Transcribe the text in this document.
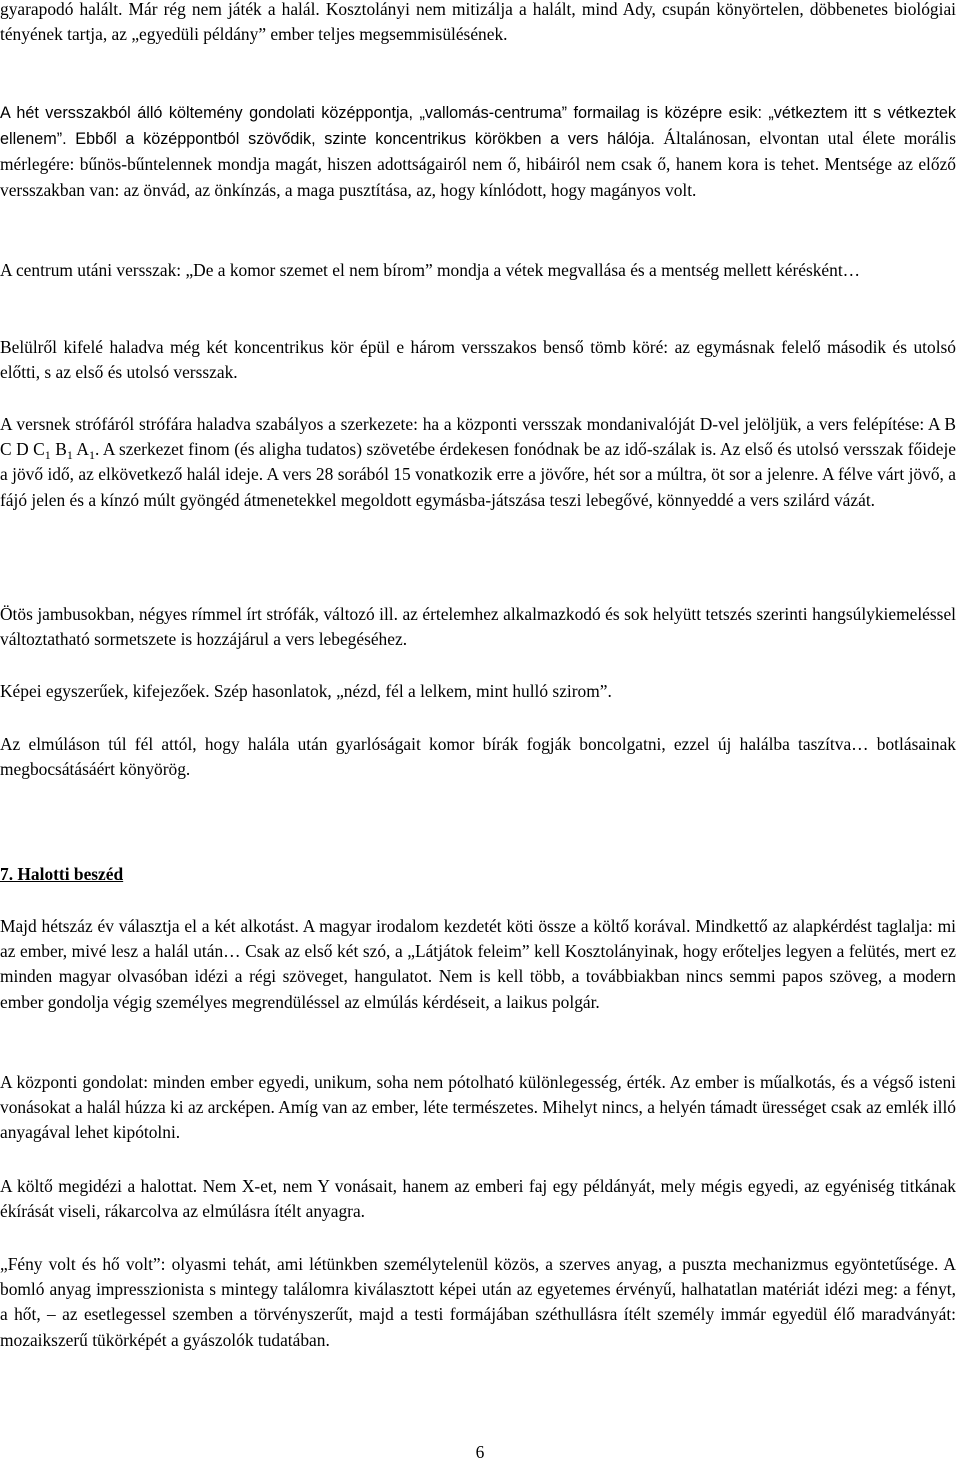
gyarapodó halált. Már rég nem játék a halál. Kosztolányi nem mitizálja a halált, mind Ady, csupán könyörtelen, döbbenetes biológiai tényének tartja, az „egyedüli példány” ember teljes megsemmisülésének.

A hét versszakból álló költemény gondolati középpontja, „vallomás-centruma” formailag is középre esik: „vétkeztem itt s vétkeztek ellenem”. Ebből a középpontból szövődik, szinte koncentrikus körökben a vers hálója. Általánosan, elvontan utal élete morális mérlegére: bűnös-bűntelennek mondja magát, hiszen adottságairól nem ő, hibáiról nem csak ő, hanem kora is tehet. Mentsége az előző versszakban van: az önvád, az önkínzás, a maga pusztítása, az, hogy kínlódott, hogy magányos volt.

A centrum utáni versszak: „De a komor szemet el nem bírom” mondja a vétek megvallása és a mentség mellett kérésként…

Belülről kifelé haladva még két koncentrikus kör épül e három versszakos benső tömb köré: az egymásnak felelő második és utolsó előtti, s az első és utolsó versszak.

A versnek strófáról strófára haladva szabályos a szerkezete: ha a központi versszak mondanivalóját D-vel jelöljük, a vers felépítése: A B C D $C_1$ $B_1$ $A_1$. A szerkezet finom (és aligha tudatos) szövetébe érdekesen fonódnak be az idő-szálak is. Az első és utolsó versszak főideje a jövő idő, az elkövetkező halál ideje. A vers 28 sorából 15 vonatkozik erre a jövőre, hét sor a múltra, öt sor a jelenre. A félve várt jövő, a fájó jelen és a kínzó múlt gyöngéd átmenetekkel megoldott egymásba-játszása teszi lebegővé, könnyeddé a vers szilárd vázát.

Ötös jambusokban, négyes rímmel írt strófák, változó ill. az értelemhez alkalmazkodó és sok helyütt tetszés szerinti hangsúlykiemeléssel változtatható sormetszete is hozzájárul a vers lebegéséhez.

Képei egyszerűek, kifejezőek. Szép hasonlatok, „nézd, fél a lelkem, mint hulló szirom”.

Az elmúláson túl fél attól, hogy halála után gyarlóságait komor bírák fogják boncolgatni, ezzel új halálba taszítva… botlásainak megbocsátásáért könyörög.

7. Halotti beszéd

Majd hétszáz év választja el a két alkotást. A magyar irodalom kezdetét köti össze a költő korával. Mindkettő az alapkérdést taglalja: mi az ember, mivé lesz a halál után… Csak az első két szó, a „Látjátok feleim” kell Kosztolányinak, hogy erőteljes legyen a felütés, mert ez minden magyar olvasóban idézi a régi szöveget, hangulatot. Nem is kell több, a továbbiakban nincs semmi papos szöveg, a modern ember gondolja végig személyes megrendüléssel az elmúlás kérdéseit, a laikus polgár.

A központi gondolat: minden ember egyedi, unikum, soha nem pótolható különlegesség, érték. Az ember is műalkotás, és a végső isteni vonásokat a halál húzza ki az arcképen. Amíg van az ember, léte természetes. Mihelyt nincs, a helyén támadt ürességet csak az emlék illó anyagával lehet kipótolni.

A költő megidézi a halottat. Nem X-et, nem Y vonásait, hanem az emberi faj egy példányát, mely mégis egyedi, az egyéniség titkának ékírását viseli, rákarcolva az elmúlásra ítélt anyagra.

„Fény volt és hő volt”: olyasmi tehát, ami létünkben személytelenül közös, a szerves anyag, a puszta mechanizmus egyöntetűsége. A bomló anyag impresszionista s mintegy találomra kiválasztott képei után az egyetemes érvényű, halhatatlan matériát idézi meg: a fényt, a hőt, – az esetlegessel szemben a törvényszerűt, majd a testi formájában széthullásra ítélt személy immár egyedül élő maradványát: mozaikszerű tükörképét a gyászolók tudatában.

6
